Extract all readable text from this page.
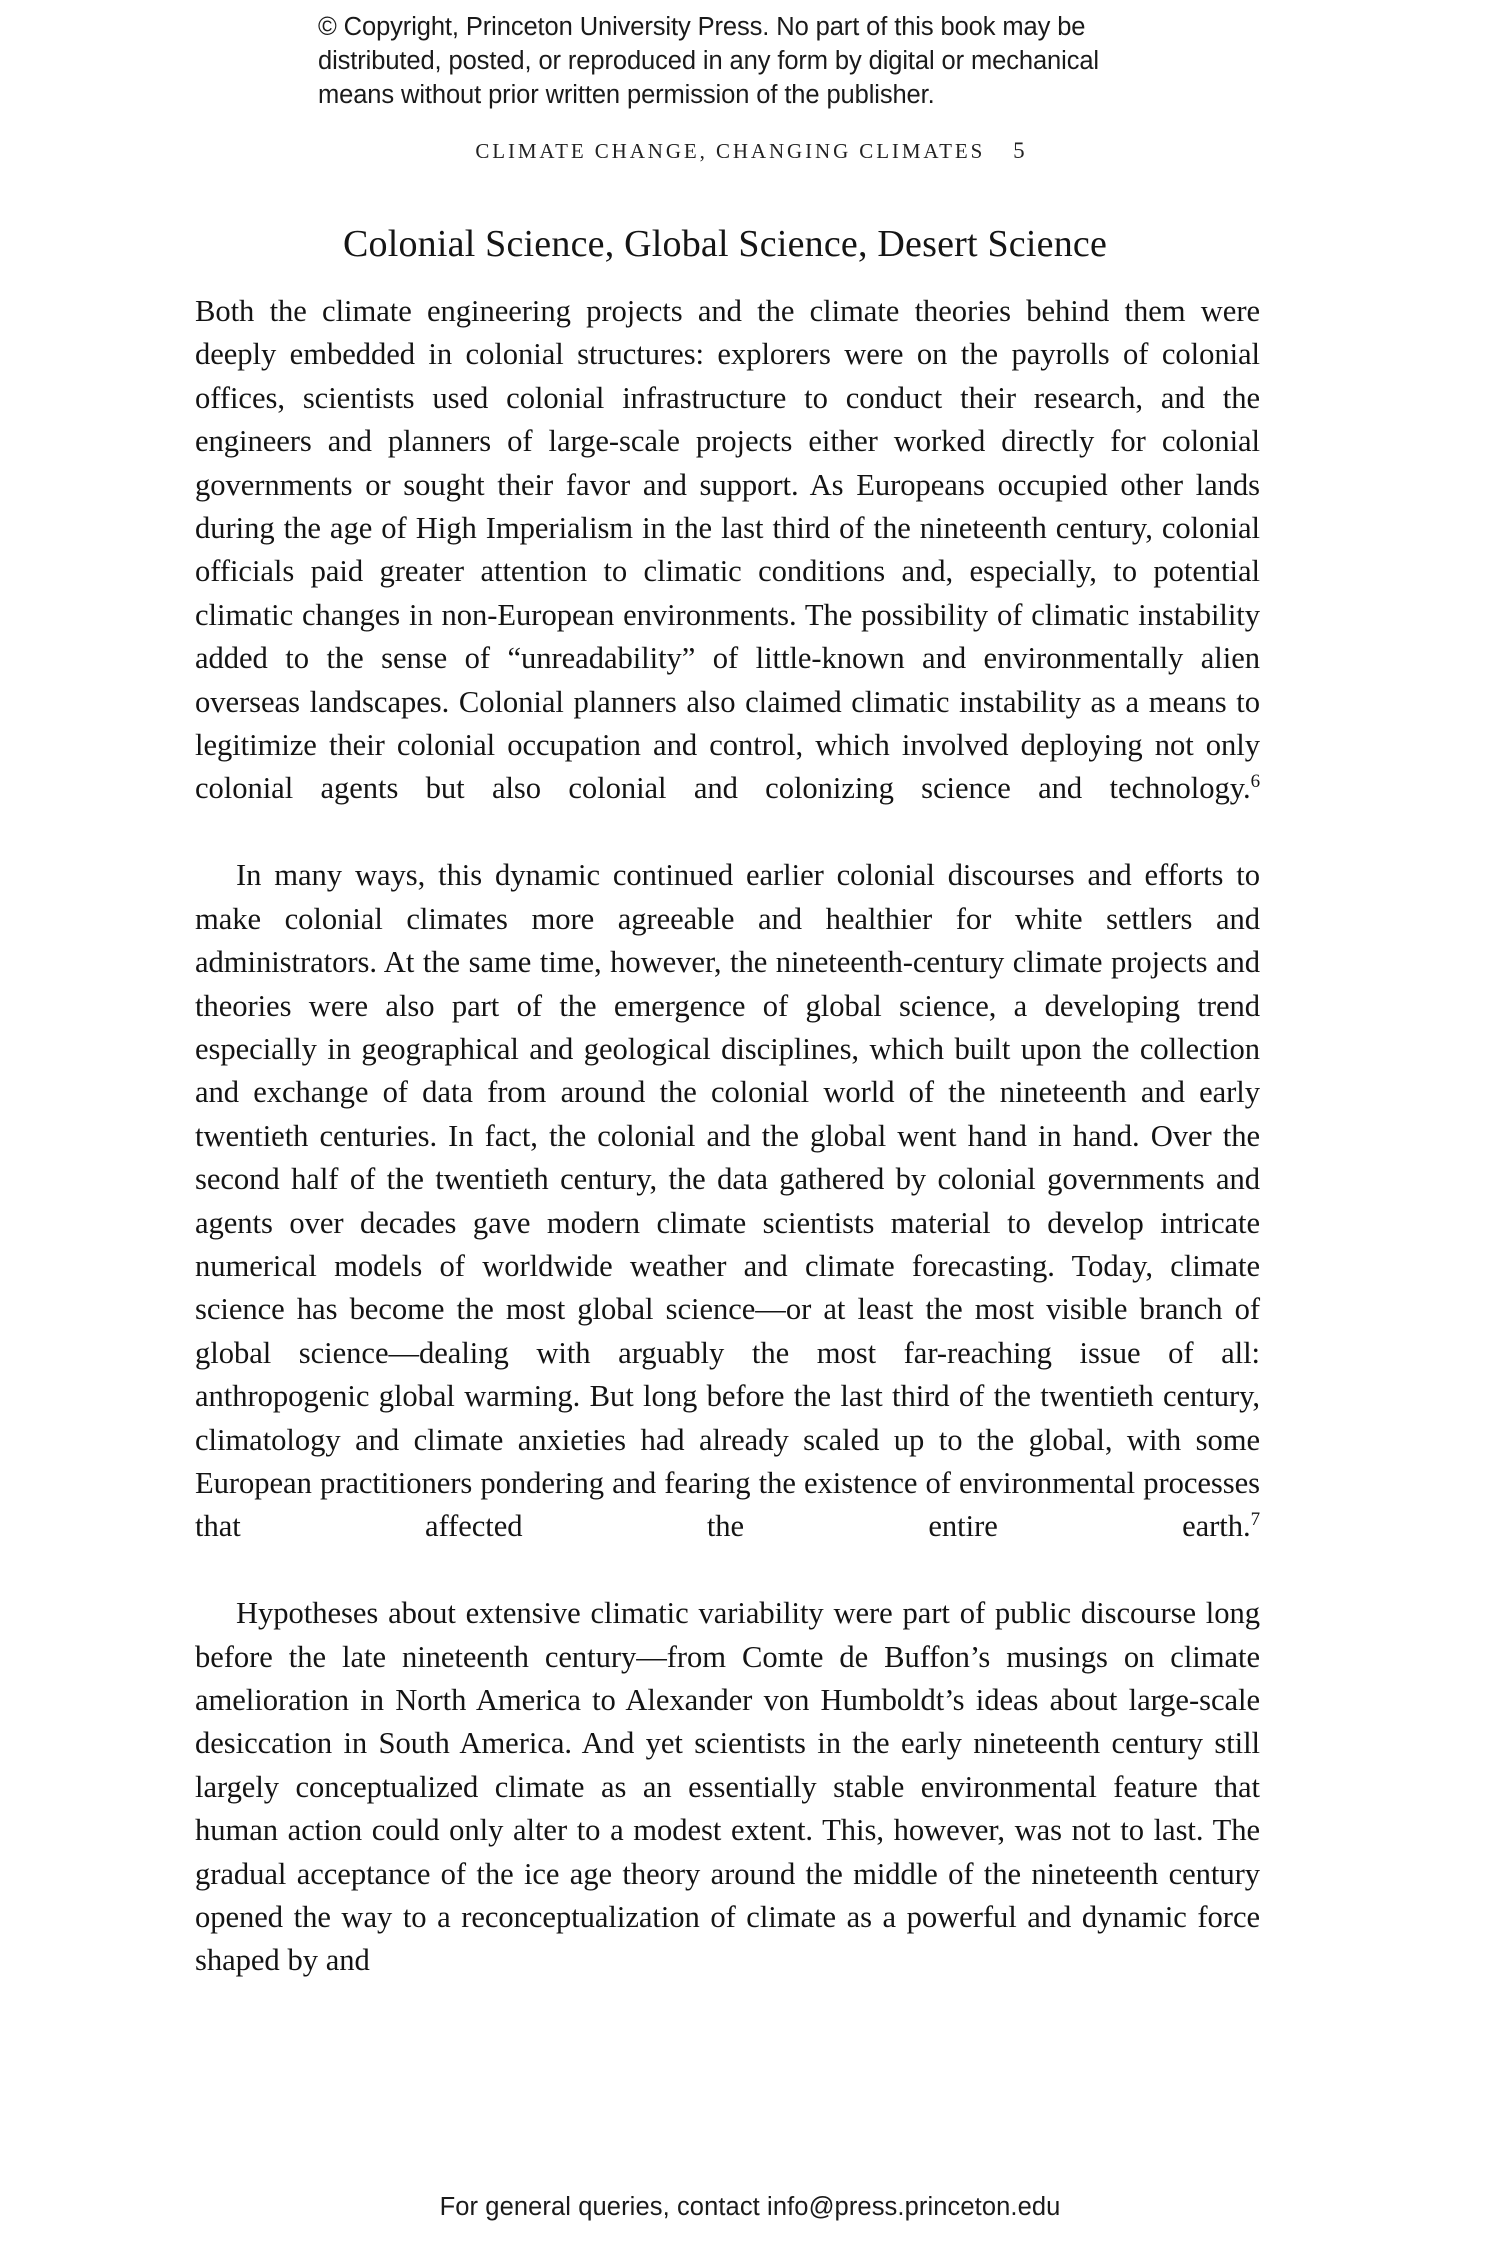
© Copyright, Princeton University Press. No part of this book may be
distributed, posted, or reproduced in any form by digital or mechanical
means without prior written permission of the publisher.
CLIMATE CHANGE, CHANGING CLIMATES 5
Colonial Science, Global Science, Desert Science

Both the climate engineering projects and the climate theories behind them were deeply embedded in colonial structures: explorers were on the payrolls of colonial offices, scientists used colonial infrastructure to conduct their research, and the engineers and planners of large-scale projects either worked directly for colonial governments or sought their favor and support. As Europeans occupied other lands during the age of High Imperialism in the last third of the nineteenth century, colonial officials paid greater attention to climatic conditions and, especially, to potential climatic changes in non-European environments. The possibility of climatic instability added to the sense of “unreadability” of little-known and environmentally alien overseas landscapes. Colonial planners also claimed climatic instability as a means to legitimize their colonial occupation and control, which involved deploying not only colonial agents but also colonial and colonizing science and technology.$^6$

In many ways, this dynamic continued earlier colonial discourses and efforts to make colonial climates more agreeable and healthier for white settlers and administrators. At the same time, however, the nineteenth-century climate projects and theories were also part of the emergence of global science, a developing trend especially in geographical and geological disciplines, which built upon the collection and exchange of data from around the colonial world of the nineteenth and early twentieth centuries. In fact, the colonial and the global went hand in hand. Over the second half of the twentieth century, the data gathered by colonial governments and agents over decades gave modern climate scientists material to develop intricate numerical models of worldwide weather and climate forecasting. Today, climate science has become the most global science—or at least the most visible branch of global science—dealing with arguably the most far-reaching issue of all: anthropogenic global warming. But long before the last third of the twentieth century, climatology and climate anxieties had already scaled up to the global, with some European practitioners pondering and fearing the existence of environmental processes that affected the entire earth.$^7$

Hypotheses about extensive climatic variability were part of public discourse long before the late nineteenth century—from Comte de Buffon’s musings on climate amelioration in North America to Alexander von Humboldt’s ideas about large-scale desiccation in South America. And yet scientists in the early nineteenth century still largely conceptualized climate as an essentially stable environmental feature that human action could only alter to a modest extent. This, however, was not to last. The gradual acceptance of the ice age theory around the middle of the nineteenth century opened the way to a reconceptualization of climate as a powerful and dynamic force shaped by and

For general queries, contact info@press.princeton.edu
